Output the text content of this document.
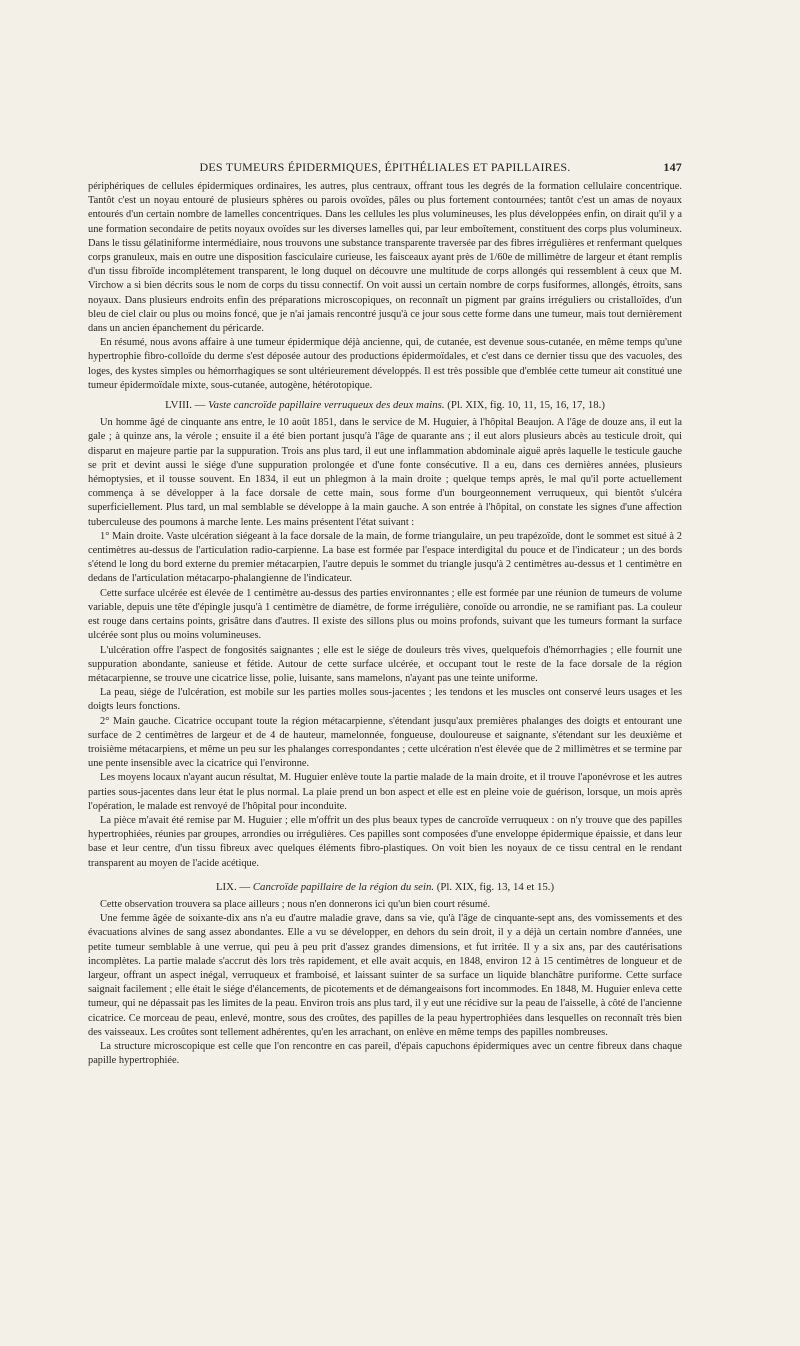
DES TUMEURS ÉPIDERMIQUES, ÉPITHÉLIALES ET PAPILLAIRES.	147

périphériques de cellules épidermiques ordinaires, les autres, plus centraux, offrant tous les degrés de la formation cellulaire concentrique. Tantôt c'est un noyau entouré de plusieurs sphères ou parois ovoïdes, pâles ou plus fortement contournées; tantôt c'est un amas de noyaux entourés d'un certain nombre de lamelles concentriques. Dans les cellules les plus volumineuses, les plus développées enfin, on dirait qu'il y a une formation secondaire de petits noyaux ovoïdes sur les diverses lamelles qui, par leur emboîtement, constituent des corps plus volumineux. Dans le tissu gélatiniforme intermédiaire, nous trouvons une substance transparente traversée par des fibres irrégulières et renfermant quelques corps granuleux, mais en outre une disposition fasciculaire curieuse, les faisceaux ayant près de 1/60e de millimètre de largeur et étant remplis d'un tissu fibroïde incomplétement transparent, le long duquel on découvre une multitude de corps allongés qui ressemblent à ceux que M. Virchow a si bien décrits sous le nom de corps du tissu connectif. On voit aussi un certain nombre de corps fusiformes, allongés, étroits, sans noyaux. Dans plusieurs endroits enfin des préparations microscopiques, on reconnaît un pigment par grains irréguliers ou cristalloïdes, d'un bleu de ciel clair ou plus ou moins foncé, que je n'ai jamais rencontré jusqu'à ce jour sous cette forme dans une tumeur, mais tout dernièrement dans un ancien épanchement du péricarde.

En résumé, nous avons affaire à une tumeur épidermique déjà ancienne, qui, de cutanée, est devenue sous-cutanée, en même temps qu'une hypertrophie fibro-colloïde du derme s'est déposée autour des productions épidermoïdales, et c'est dans ce dernier tissu que des vacuoles, des loges, des kystes simples ou hémorrhagiques se sont ultérieurement développés. Il est très possible que d'emblée cette tumeur ait constitué une tumeur épidermoïdale mixte, sous-cutanée, autogène, hétérotopique.

LVIII. — Vaste cancroïde papillaire verruqueux des deux mains. (Pl. XIX, fig. 10, 11, 15, 16, 17, 18.)

Un homme âgé de cinquante ans entre, le 10 août 1851, dans le service de M. Huguier, à l'hôpital Beaujon. A l'âge de douze ans, il eut la gale ; à quinze ans, la vérole ; ensuite il a été bien portant jusqu'à l'âge de quarante ans ; il eut alors plusieurs abcès au testicule droit, qui disparut en majeure partie par la suppuration. Trois ans plus tard, il eut une inflammation abdominale aiguë après laquelle le testicule gauche se prit et devint aussi le siége d'une suppuration prolongée et d'une fonte consécutive. Il a eu, dans ces dernières années, plusieurs hémoptysies, et il tousse souvent. En 1834, il eut un phlegmon à la main droite ; quelque temps après, le mal qu'il porte actuellement commença à se développer à la face dorsale de cette main, sous forme d'un bourgeonnement verruqueux, qui bientôt s'ulcéra superficiellement. Plus tard, un mal semblable se développe à la main gauche. A son entrée à l'hôpital, on constate les signes d'une affection tuberculeuse des poumons à marche lente. Les mains présentent l'état suivant :

1° Main droite. Vaste ulcération siégeant à la face dorsale de la main, de forme triangulaire, un peu trapézoïde, dont le sommet est situé à 2 centimètres au-dessus de l'articulation radio-carpienne. La base est formée par l'espace interdigital du pouce et de l'indicateur ; un des bords s'étend le long du bord externe du premier métacarpien, l'autre depuis le sommet du triangle jusqu'à 2 centimètres au-dessus et 1 centimètre en dedans de l'articulation métacarpo-phalangienne de l'indicateur.

Cette surface ulcérée est élevée de 1 centimètre au-dessus des parties environnantes ; elle est formée par une réunion de tumeurs de volume variable, depuis une tête d'épingle jusqu'à 1 centimètre de diamètre, de forme irrégulière, conoïde ou arrondie, ne se ramifiant pas. La couleur est rouge dans certains points, grisâtre dans d'autres. Il existe des sillons plus ou moins profonds, suivant que les tumeurs formant la surface ulcérée sont plus ou moins volumineuses.

L'ulcération offre l'aspect de fongosités saignantes ; elle est le siége de douleurs très vives, quelquefois d'hémorrhagies ; elle fournit une suppuration abondante, sanieuse et fétide. Autour de cette surface ulcérée, et occupant tout le reste de la face dorsale de la région métacarpienne, se trouve une cicatrice lisse, polie, luisante, sans mamelons, n'ayant pas une teinte uniforme.

La peau, siége de l'ulcération, est mobile sur les parties molles sous-jacentes ; les tendons et les muscles ont conservé leurs usages et les doigts leurs fonctions.

2° Main gauche. Cicatrice occupant toute la région métacarpienne, s'étendant jusqu'aux premières phalanges des doigts et entourant une surface de 2 centimètres de largeur et de 4 de hauteur, mamelonnée, fongueuse, douloureuse et saignante, s'étendant sur les deuxième et troisième métacarpiens, et même un peu sur les phalanges correspondantes ; cette ulcération n'est élevée que de 2 millimètres et se termine par une pente insensible avec la cicatrice qui l'environne.

Les moyens locaux n'ayant aucun résultat, M. Huguier enlève toute la partie malade de la main droite, et il trouve l'aponévrose et les autres parties sous-jacentes dans leur état le plus normal. La plaie prend un bon aspect et elle est en pleine voie de guérison, lorsque, un mois après l'opération, le malade est renvoyé de l'hôpital pour inconduite.

La pièce m'avait été remise par M. Huguier ; elle m'offrit un des plus beaux types de cancroïde verruqueux : on n'y trouve que des papilles hypertrophiées, réunies par groupes, arrondies ou irrégulières. Ces papilles sont composées d'une enveloppe épidermique épaissie, et dans leur base et leur centre, d'un tissu fibreux avec quelques éléments fibro-plastiques. On voit bien les noyaux de ce tissu central en le rendant transparent au moyen de l'acide acétique.

LIX. — Cancroïde papillaire de la région du sein. (Pl. XIX, fig. 13, 14 et 15.)

Cette observation trouvera sa place ailleurs ; nous n'en donnerons ici qu'un bien court résumé.

Une femme âgée de soixante-dix ans n'a eu d'autre maladie grave, dans sa vie, qu'à l'âge de cinquante-sept ans, des vomissements et des évacuations alvines de sang assez abondantes. Elle a vu se développer, en dehors du sein droit, il y a déjà un certain nombre d'années, une petite tumeur semblable à une verrue, qui peu à peu prit d'assez grandes dimensions, et fut irritée. Il y a six ans, par des cautérisations incomplètes. La partie malade s'accrut dès lors très rapidement, et elle avait acquis, en 1848, environ 12 à 15 centimètres de longueur et de largeur, offrant un aspect inégal, verruqueux et framboisé, et laissant suinter de sa surface un liquide blanchâtre puriforme. Cette surface saignait facilement ; elle était le siége d'élancements, de picotements et de démangeaisons fort incommodes. En 1848, M. Huguier enleva cette tumeur, qui ne dépassait pas les limites de la peau. Environ trois ans plus tard, il y eut une récidive sur la peau de l'aisselle, à côté de l'ancienne cicatrice. Ce morceau de peau, enlevé, montre, sous des croûtes, des papilles de la peau hypertrophiées dans lesquelles on reconnaît très bien des vaisseaux. Les croûtes sont tellement adhérentes, qu'en les arrachant, on enlève en même temps des papilles nombreuses.

La structure microscopique est celle que l'on rencontre en cas pareil, d'épais capuchons épidermiques avec un centre fibreux dans chaque papille hypertrophiée.
